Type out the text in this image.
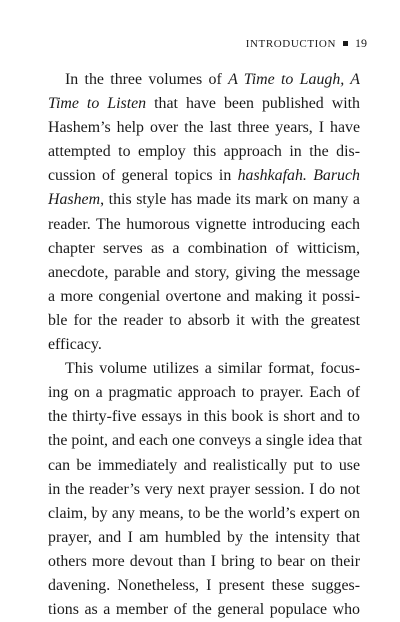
INTRODUCTION 19
In the three volumes of A Time to Laugh, A
Time to Listen that have been published with
Hashem’s help over the last three years, I have
attempted to employ this approach in the dis-
cussion of general topics in hashkafah. Baruch
Hashem, this style has made its mark on many a
reader. The humorous vignette introducing each
chapter serves as a combination of witticism,
anecdote, parable and story, giving the message
a more congenial overtone and making it possi-
ble for the reader to absorb it with the greatest
efficacy.
This volume utilizes a similar format, focus-
ing on a pragmatic approach to prayer. Each of
the thirty-five essays in this book is short and to
the point, and each one conveys a single idea that
can be immediately and realistically put to use
in the reader’s very next prayer session. I do not
claim, by any means, to be the world’s expert on
prayer, and I am humbled by the intensity that
others more devout than I bring to bear on their
davening. Nonetheless, I present these sugges-
tions as a member of the general populace who
